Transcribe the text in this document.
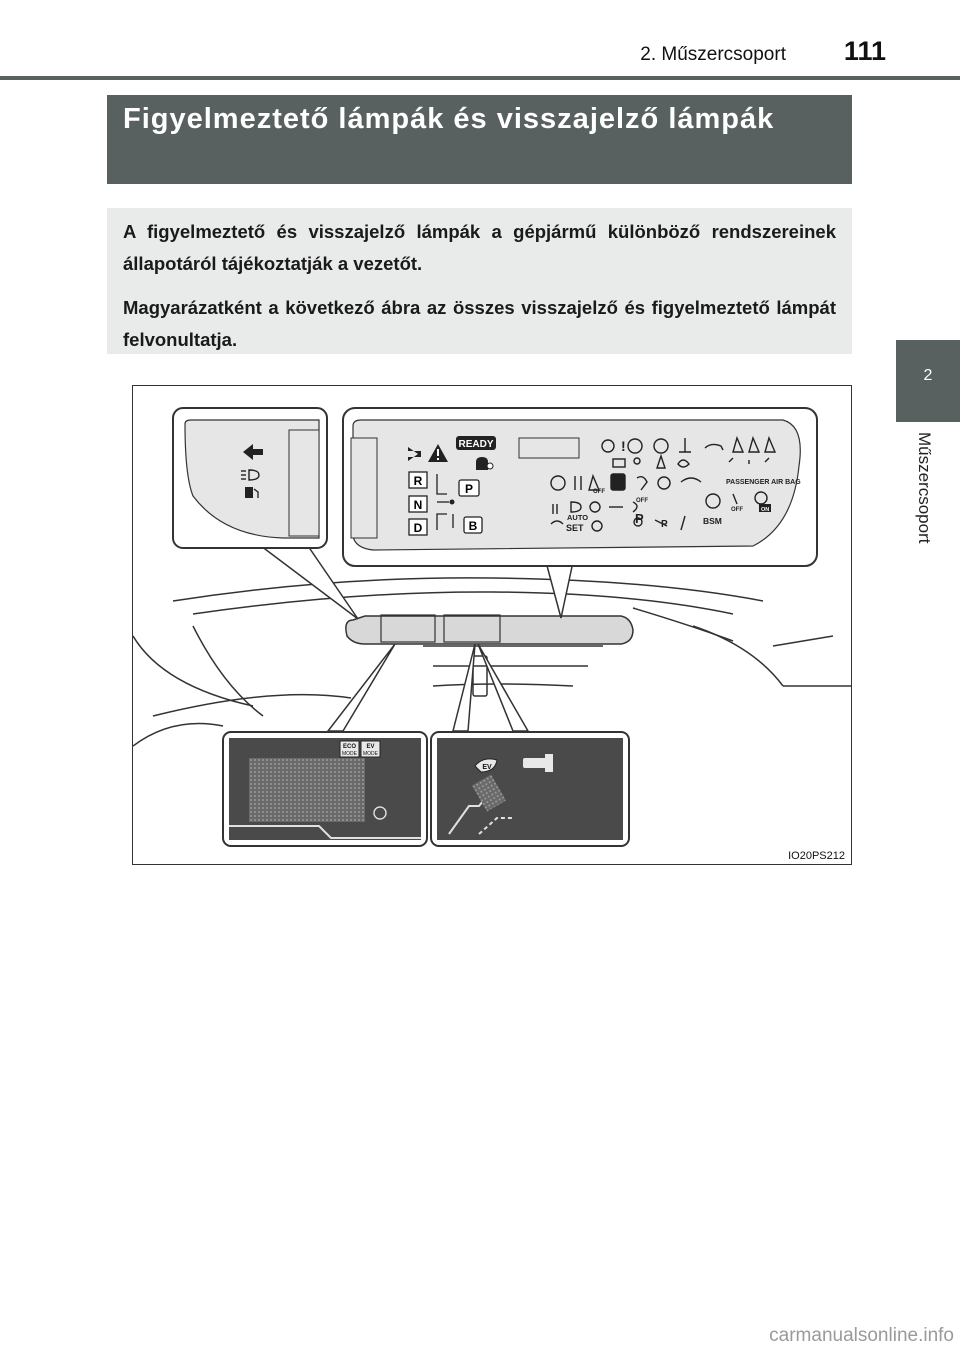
2. Műszercsoport	111
Figyelmeztető lámpák és visszajelző lámpák

A figyelmeztető és visszajelző lámpák a gépjármű különböző rendszereinek állapotáról tájékoztatják a vezetőt.

Magyarázatként a következő ábra az összes visszajelző és figyelmeztető lámpát felvonultatja.

2
Műszercsoport
READY
R
N
D
P
B
!
AUTO
SET
OFF
OFF
OFF
PASSENGER AIR BAG
BSM
ON
P P
ECO
MODE
EV
MODE
EV
IO20PS212
carmanualsonline.info
